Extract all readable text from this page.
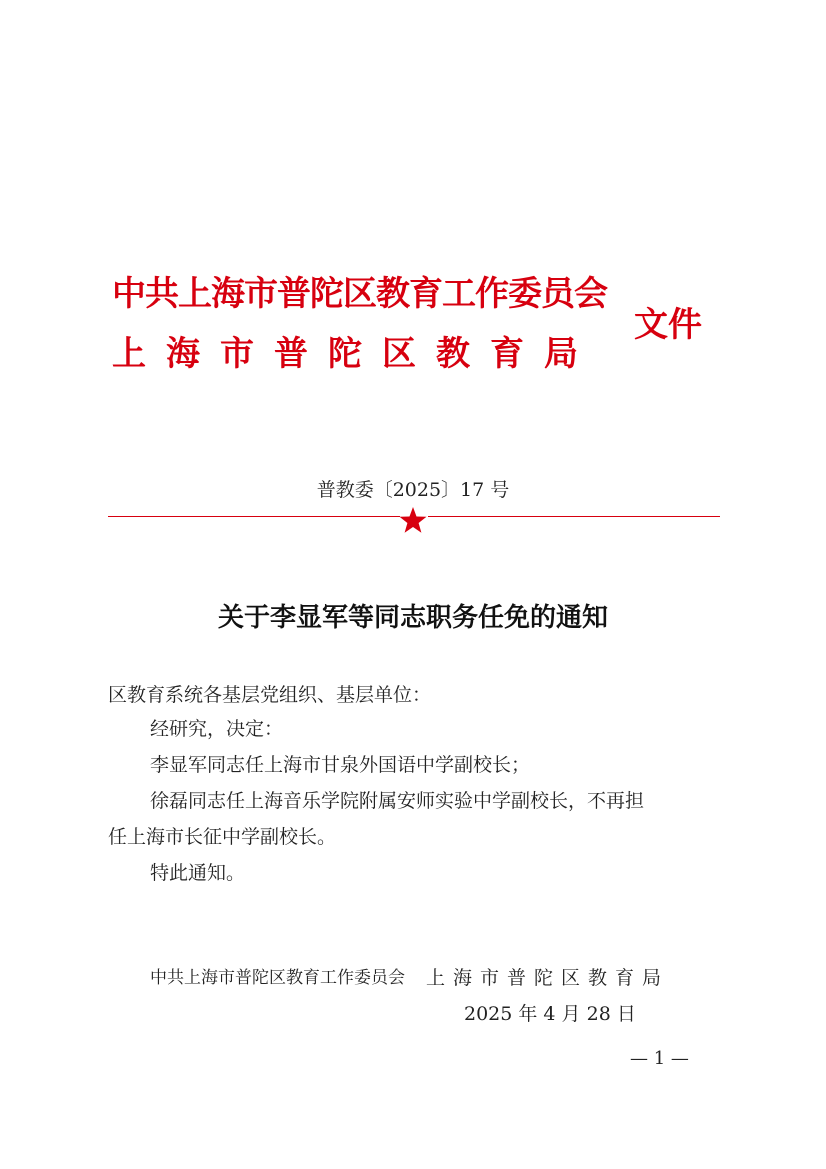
中共上海市普陀区教育工作委员会
上海市普陀区教育局
文件
普教委〔2025〕17 号
关于李显军等同志职务任免的通知
区教育系统各基层党组织、基层单位：
经研究，决定：
李显军同志任上海市甘泉外国语中学副校长；
徐磊同志任上海音乐学院附属安师实验中学副校长，不再担
任上海市长征中学副校长。
特此通知。
中共上海市普陀区教育工作委员会 上海市普陀区教育局
2025 年 4 月 28 日
— 1 —
